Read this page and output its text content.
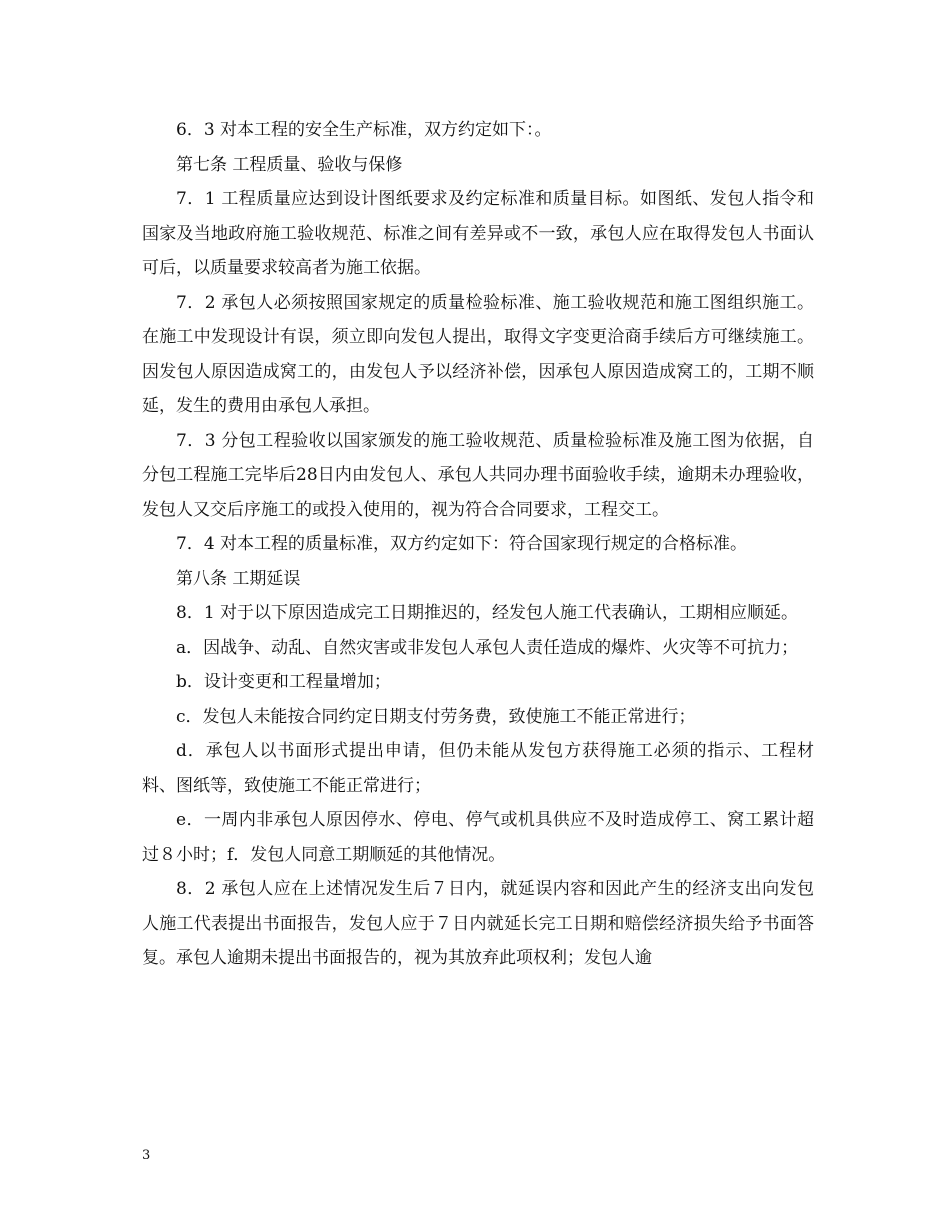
6．3 对本工程的安全生产标准，双方约定如下：。

第七条 工程质量、验收与保修

7．1 工程质量应达到设计图纸要求及约定标准和质量目标。如图纸、发包人指令和国家及当地政府施工验收规范、标准之间有差异或不一致，承包人应在取得发包人书面认可后，以质量要求较高者为施工依据。

7．2 承包人必须按照国家规定的质量检验标准、施工验收规范和施工图组织施工。在施工中发现设计有误，须立即向发包人提出，取得文字变更洽商手续后方可继续施工。因发包人原因造成窝工的，由发包人予以经济补偿，因承包人原因造成窝工的，工期不顺延，发生的费用由承包人承担。

7．3 分包工程验收以国家颁发的施工验收规范、质量检验标准及施工图为依据，自分包工程施工完毕后28日内由发包人、承包人共同办理书面验收手续，逾期未办理验收，发包人又交后序施工的或投入使用的，视为符合合同要求，工程交工。

7．4 对本工程的质量标准，双方约定如下：符合国家现行规定的合格标准。

第八条 工期延误

8．1 对于以下原因造成完工日期推迟的，经发包人施工代表确认，工期相应顺延。

a．因战争、动乱、自然灾害或非发包人承包人责任造成的爆炸、火灾等不可抗力；

b．设计变更和工程量增加；

c．发包人未能按合同约定日期支付劳务费，致使施工不能正常进行；

d．承包人以书面形式提出申请，但仍未能从发包方获得施工必须的指示、工程材料、图纸等，致使施工不能正常进行；

e．一周内非承包人原因停水、停电、停气或机具供应不及时造成停工、窝工累计超过８小时；f．发包人同意工期顺延的其他情况。

8．2 承包人应在上述情况发生后７日内，就延误内容和因此产生的经济支出向发包人施工代表提出书面报告，发包人应于７日内就延长完工日期和赔偿经济损失给予书面答复。承包人逾期未提出书面报告的，视为其放弃此项权利；发包人逾

3
